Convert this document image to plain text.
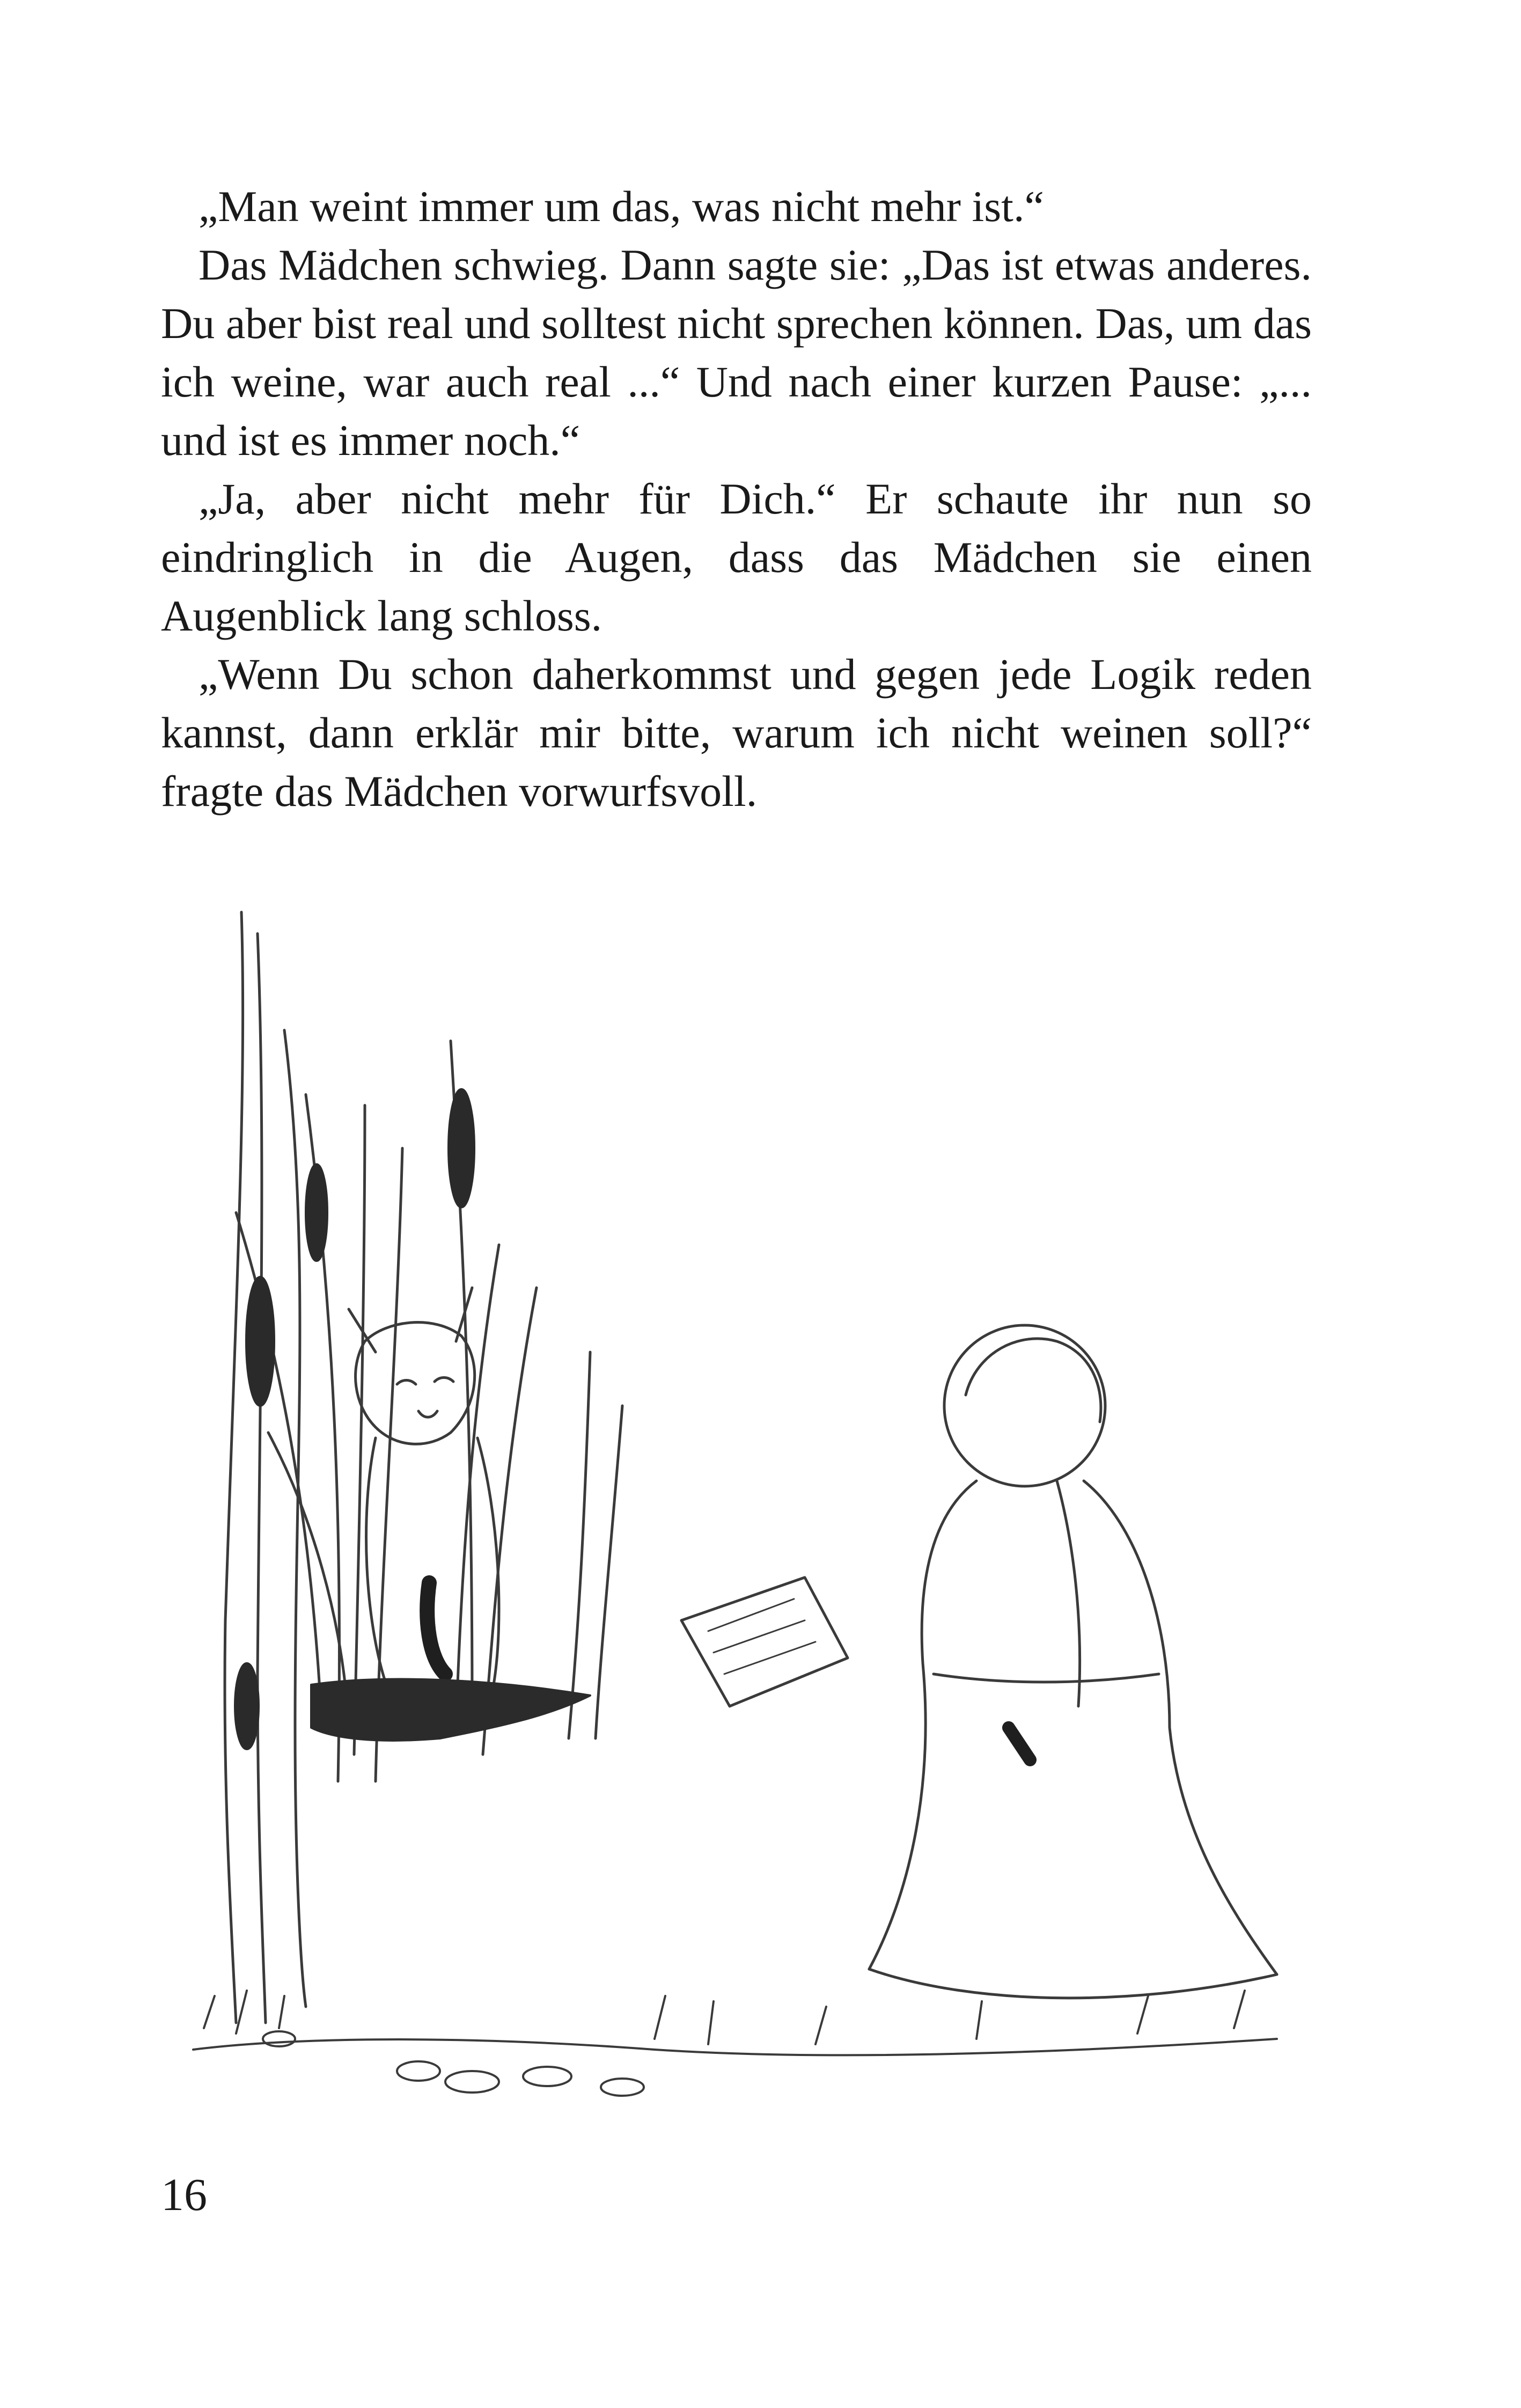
„Man weint immer um das, was nicht mehr ist.“

Das Mädchen schwieg. Dann sagte sie: „Das ist etwas anderes. Du aber bist real und solltest nicht sprechen können. Das, um das ich weine, war auch real ...“ Und nach einer kurzen Pause: „... und ist es immer noch.“

„Ja, aber nicht mehr für Dich.“ Er schaute ihr nun so eindringlich in die Augen, dass das Mädchen sie einen Augenblick lang schloss.

„Wenn Du schon daherkommst und gegen jede Logik reden kannst, dann erklär mir bitte, warum ich nicht weinen soll?“ fragte das Mädchen vorwurfsvoll.

16
